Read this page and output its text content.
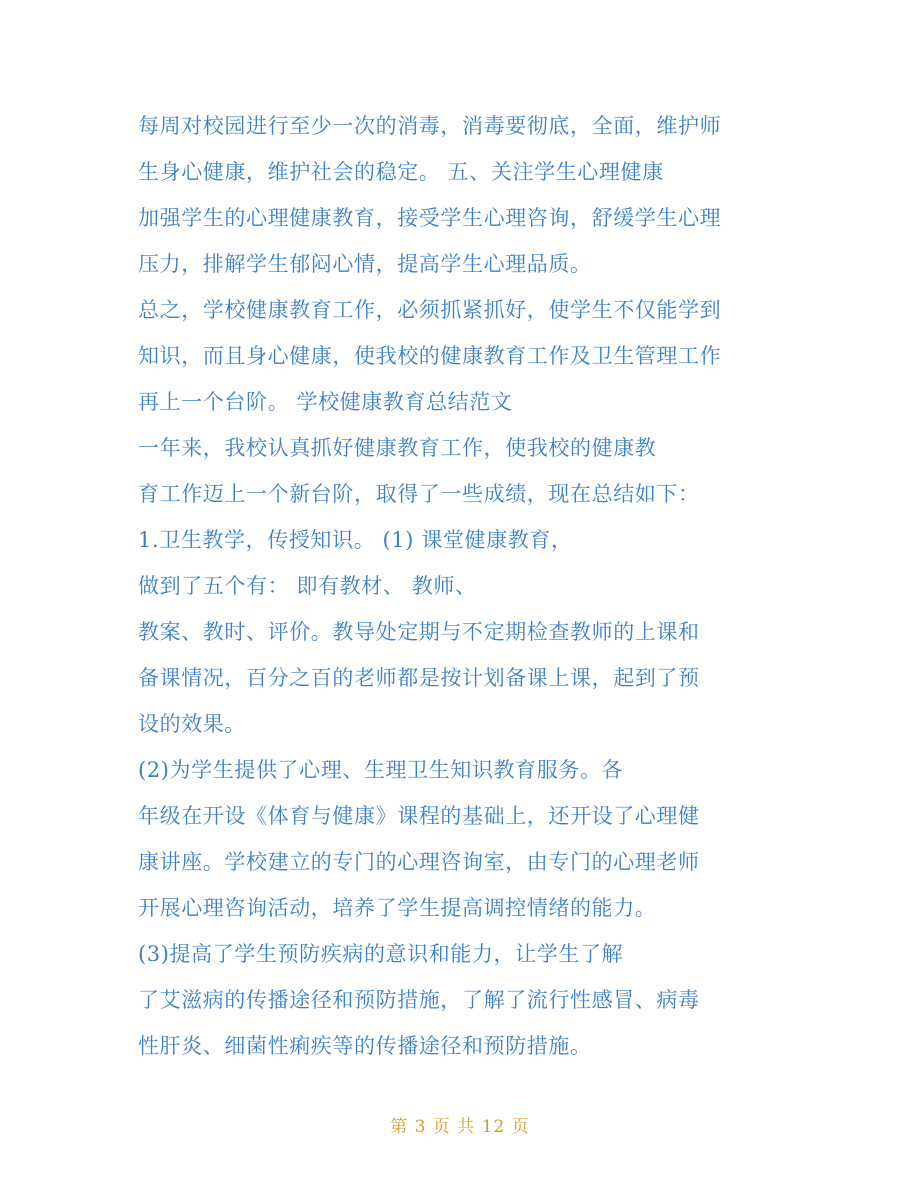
每周对校园进行至少一次的消毒，消毒要彻底，全面，维护师
生身心健康，维护社会的稳定。 五、关注学生心理健康
加强学生的心理健康教育，接受学生心理咨询，舒缓学生心理
压力，排解学生郁闷心情，提高学生心理品质。
总之，学校健康教育工作，必须抓紧抓好，使学生不仅能学到
知识，而且身心健康，使我校的健康教育工作及卫生管理工作
再上一个台阶。 学校健康教育总结范文
一年来，我校认真抓好健康教育工作，使我校的健康教
育工作迈上一个新台阶，取得了一些成绩，现在总结如下：
1.卫生教学，传授知识。 (1) 课堂健康教育，
做到了五个有： 即有教材、 教师、
教案、教时、评价。教导处定期与不定期检查教师的上课和
备课情况，百分之百的老师都是按计划备课上课，起到了预
设的效果。
(2)为学生提供了心理、生理卫生知识教育服务。各
年级在开设《体育与健康》课程的基础上，还开设了心理健
康讲座。学校建立的专门的心理咨询室，由专门的心理老师
开展心理咨询活动，培养了学生提高调控情绪的能力。
(3)提高了学生预防疾病的意识和能力，让学生了解
了艾滋病的传播途径和预防措施，了解了流行性感冒、病毒
性肝炎、细菌性痢疾等的传播途径和预防措施。
第 3 页 共 12 页
